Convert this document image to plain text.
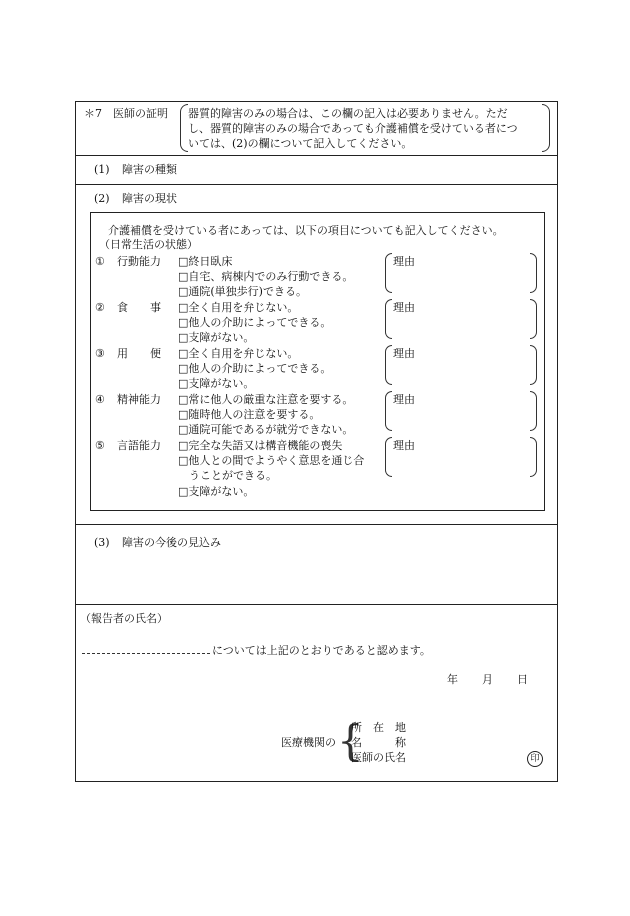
＊7　医師の証明 器質的障害のみの場合は、この欄の記入は必要ありません。ただ
し、器質的障害のみの場合であっても介護補償を受けている者につ
いては、(2)の欄について記入してください。
(1) 障害の種類
(2) 障害の現状
介護補償を受けている者にあっては、以下の項目についても記入してください。
（日常生活の状態）
① 行動能力 □終日臥床
□自宅、病棟内でのみ行動できる。
□通院(単独歩行)できる。
理由
② 食　　事 □全く自用を弁じない。
□他人の介助によってできる。
□支障がない。
理由
③ 用　　便 □全く自用を弁じない。
□他人の介助によってできる。
□支障がない。
理由
④ 精神能力 □常に他人の厳重な注意を要する。
□随時他人の注意を要する。
□通院可能であるが就労できない。
理由
⑤ 言語能力 □完全な失語又は構音機能の喪失
□他人との間でようやく意思を通じ合
うことができる。
□支障がない。
理由
(3) 障害の今後の見込み
（報告者の氏名）
については上記のとおりであると認めます。
年 月 日
医療機関の {
所　在　地
名　　　称
医師の氏名	印
